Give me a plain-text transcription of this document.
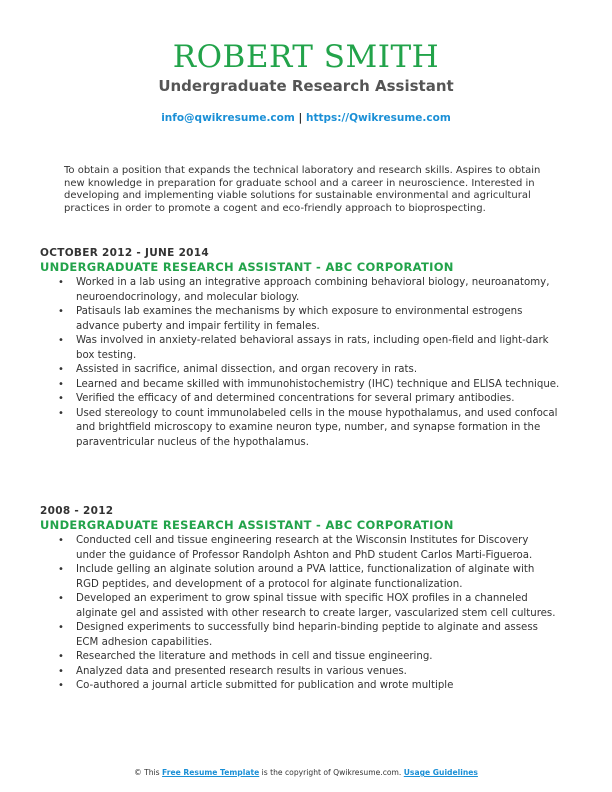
ROBERT SMITH
Undergraduate Research Assistant
info@qwikresume.com | https://Qwikresume.com
To obtain a position that expands the technical laboratory and research skills. Aspires to obtain new knowledge in preparation for graduate school and a career in neuroscience. Interested in developing and implementing viable solutions for sustainable environmental and agricultural practices in order to promote a cogent and eco-friendly approach to bioprospecting.
OCTOBER 2012 - JUNE 2014
UNDERGRADUATE RESEARCH ASSISTANT - ABC CORPORATION
• Worked in a lab using an integrative approach combining behavioral biology, neuroanatomy, neuroendocrinology, and molecular biology.
• Patisauls lab examines the mechanisms by which exposure to environmental estrogens advance puberty and impair fertility in females.
• Was involved in anxiety-related behavioral assays in rats, including open-field and light-dark box testing.
• Assisted in sacrifice, animal dissection, and organ recovery in rats.
• Learned and became skilled with immunohistochemistry (IHC) technique and ELISA technique.
• Verified the efficacy of and determined concentrations for several primary antibodies.
• Used stereology to count immunolabeled cells in the mouse hypothalamus, and used confocal and brightfield microscopy to examine neuron type, number, and synapse formation in the paraventricular nucleus of the hypothalamus.
2008 - 2012
UNDERGRADUATE RESEARCH ASSISTANT - ABC CORPORATION
• Conducted cell and tissue engineering research at the Wisconsin Institutes for Discovery under the guidance of Professor Randolph Ashton and PhD student Carlos Marti-Figueroa.
• Include gelling an alginate solution around a PVA lattice, functionalization of alginate with RGD peptides, and development of a protocol for alginate functionalization.
• Developed an experiment to grow spinal tissue with specific HOX profiles in a channeled alginate gel and assisted with other research to create larger, vascularized stem cell cultures.
• Designed experiments to successfully bind heparin-binding peptide to alginate and assess ECM adhesion capabilities.
• Researched the literature and methods in cell and tissue engineering.
• Analyzed data and presented research results in various venues.
• Co-authored a journal article submitted for publication and wrote multiple
© This Free Resume Template is the copyright of Qwikresume.com. Usage Guidelines
